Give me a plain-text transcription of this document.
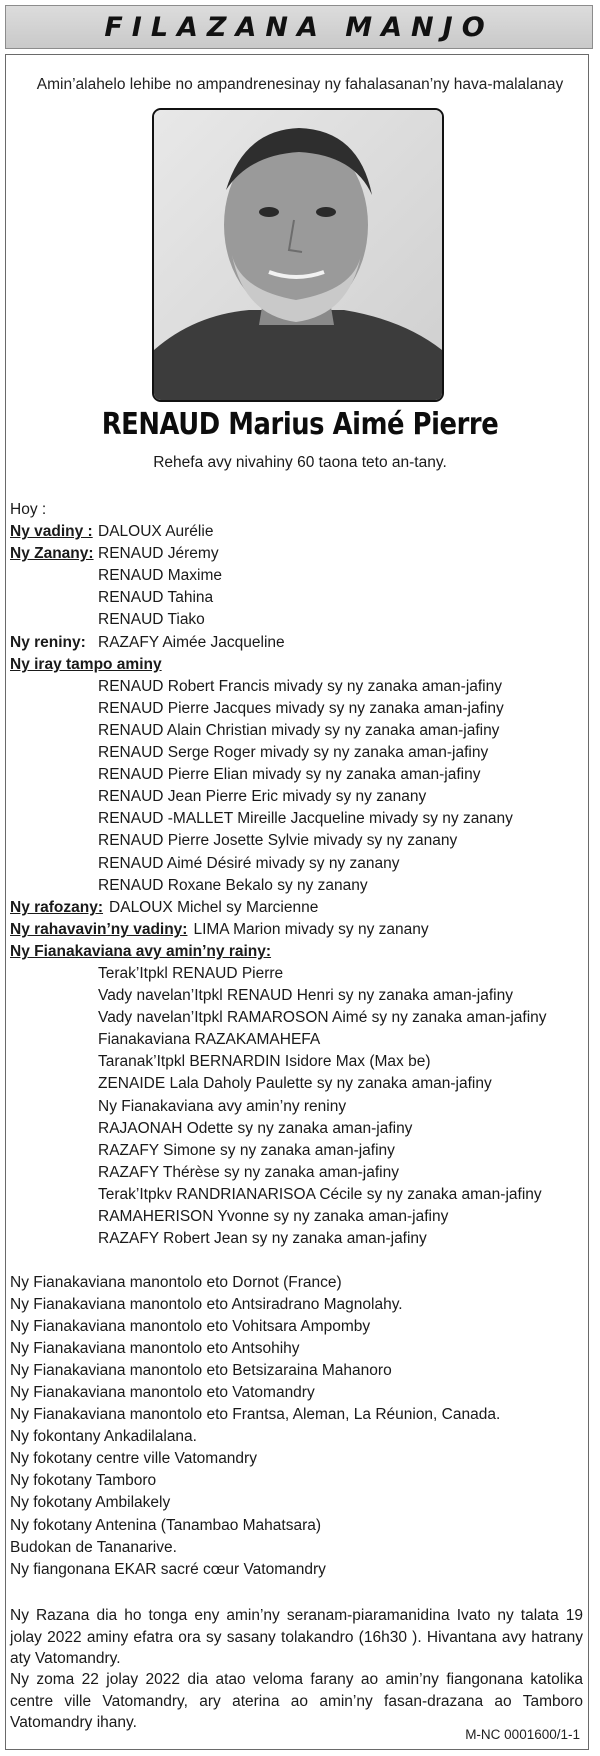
FILAZANA MANJO
Amin’alahelo lehibe no ampandrenesinay ny fahalasanan’ny hava-malalanay
RENAUD Marius Aimé Pierre
Rehefa avy nivahiny 60 taona teto an-tany.
Hoy :
Ny vadiny : DALOUX Aurélie
Ny Zanany: RENAUD Jéremy
RENAUD Maxime
RENAUD Tahina
RENAUD Tiako
Ny reniny: RAZAFY Aimée Jacqueline
Ny iray tampo aminy
RENAUD Robert Francis mivady sy ny zanaka aman-jafiny
RENAUD Pierre Jacques mivady sy ny zanaka aman-jafiny
RENAUD Alain Christian mivady sy ny zanaka aman-jafiny
RENAUD Serge Roger mivady sy ny zanaka aman-jafiny
RENAUD Pierre Elian mivady sy ny zanaka aman-jafiny
RENAUD Jean Pierre Eric mivady sy ny zanany
RENAUD -MALLET Mireille Jacqueline mivady sy ny zanany
RENAUD Pierre Josette Sylvie mivady sy ny zanany
RENAUD Aimé Désiré mivady sy ny zanany
RENAUD Roxane Bekalo sy ny zanany
Ny rafozany: DALOUX Michel sy Marcienne
Ny rahavavin’ny vadiny: LIMA Marion mivady sy ny zanany
Ny Fianakaviana avy amin’ny rainy:
Terak’Itpkl RENAUD Pierre
Vady navelan’Itpkl RENAUD Henri sy ny zanaka aman-jafiny
Vady navelan’Itpkl RAMAROSON Aimé sy ny zanaka aman-jafiny
Fianakaviana RAZAKAMAHEFA
Taranak’Itpkl BERNARDIN Isidore Max (Max be)
ZENAIDE Lala Daholy Paulette sy ny zanaka aman-jafiny
Ny Fianakaviana avy amin’ny reniny
RAJAONAH Odette sy ny zanaka aman-jafiny
RAZAFY Simone sy ny zanaka aman-jafiny
RAZAFY Thérèse sy ny zanaka aman-jafiny
Terak’Itpkv RANDRIANARISOA Cécile sy ny zanaka aman-jafiny
RAMAHERISON Yvonne sy ny zanaka aman-jafiny
RAZAFY Robert Jean sy ny zanaka aman-jafiny
Ny Fianakaviana manontolo eto Dornot (France)
Ny Fianakaviana manontolo eto Antsiradrano Magnolahy.
Ny Fianakaviana manontolo eto Vohitsara Ampomby
Ny Fianakaviana manontolo eto Antsohihy
Ny Fianakaviana manontolo eto Betsizaraina Mahanoro
Ny Fianakaviana manontolo eto Vatomandry
Ny Fianakaviana manontolo eto Frantsa, Aleman, La Réunion, Canada.
Ny fokontany Ankadilalana.
Ny fokotany centre ville Vatomandry
Ny fokotany Tamboro
Ny fokotany Ambilakely
Ny fokotany Antenina (Tanambao Mahatsara)
Budokan de Tananarive.
Ny fiangonana EKAR sacré cœur Vatomandry
Ny Razana dia ho tonga eny amin’ny seranam-piaramanidina Ivato ny talata 19 jolay 2022 aminy efatra ora sy sasany tolakandro (16h30 ). Hivantana avy hatrany aty Vatomandry.
Ny zoma 22 jolay 2022 dia atao veloma farany ao amin’ny fiangonana katolika centre ville Vatomandry, ary aterina ao amin’ny fasan-drazana ao Tamboro Vatomandry ihany.
M-NC 0001600/1-1
